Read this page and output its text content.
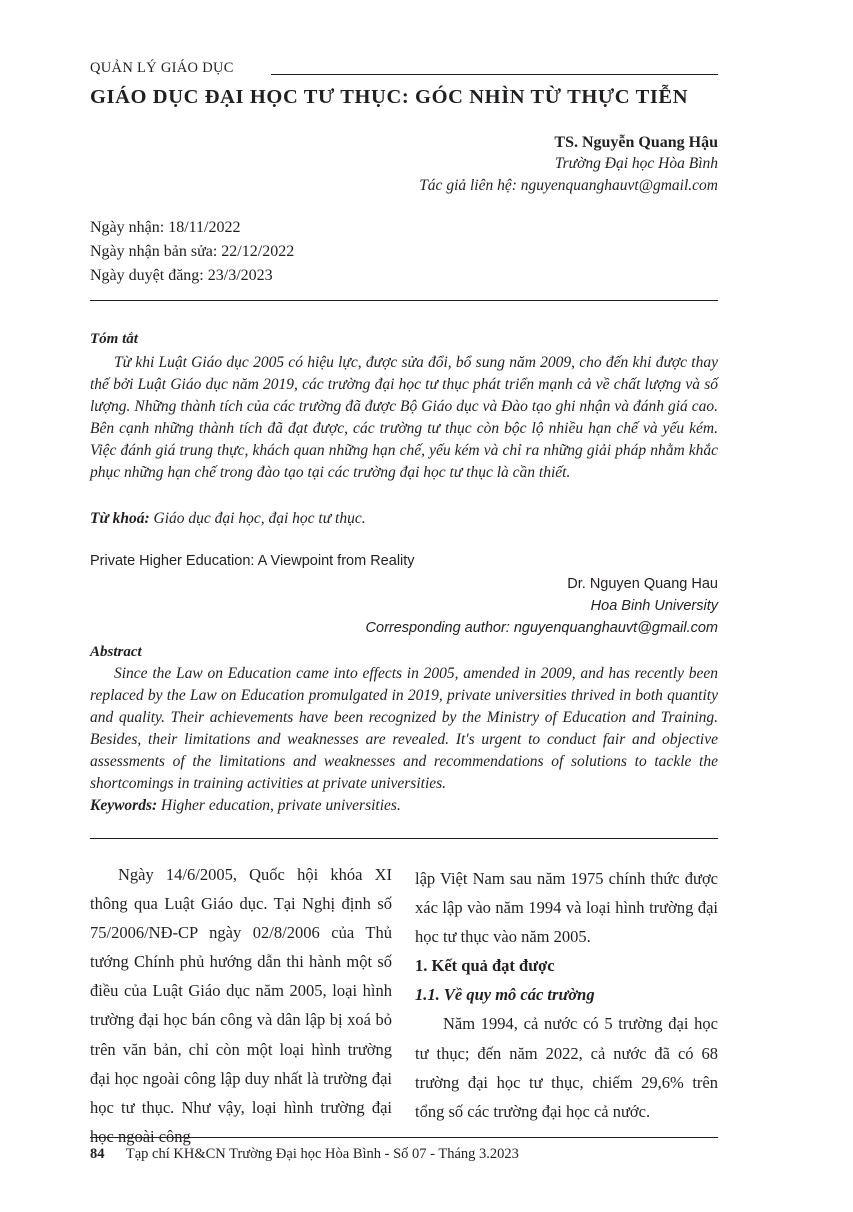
QUẢN LÝ GIÁO DỤC
GIÁO DỤC ĐẠI HỌC TƯ THỤC: GÓC NHÌN TỪ THỰC TIỄN
TS. Nguyễn Quang Hậu
Trường Đại học Hòa Bình
Tác giả liên hệ: nguyenquanghauvt@gmail.com
Ngày nhận: 18/11/2022
Ngày nhận bản sửa: 22/12/2022
Ngày duyệt đăng: 23/3/2023
Tóm tắt
Từ khi Luật Giáo dục 2005 có hiệu lực, được sửa đổi, bổ sung năm 2009, cho đến khi được thay thế bởi Luật Giáo dục năm 2019, các trường đại học tư thục phát triển mạnh cả về chất lượng và số lượng. Những thành tích của các trường đã được Bộ Giáo dục và Đào tạo ghi nhận và đánh giá cao. Bên cạnh những thành tích đã đạt được, các trường tư thục còn bộc lộ nhiều hạn chế và yếu kém. Việc đánh giá trung thực, khách quan những hạn chế, yếu kém và chỉ ra những giải pháp nhằm khắc phục những hạn chế trong đào tạo tại các trường đại học tư thục là cần thiết.
Từ khoá: Giáo dục đại học, đại học tư thục.
Private Higher Education: A Viewpoint from Reality
Dr. Nguyen Quang Hau
Hoa Binh University
Corresponding author: nguyenquanghauvt@gmail.com
Abstract
Since the Law on Education came into effects in 2005, amended in 2009, and has recently been replaced by the Law on Education promulgated in 2019, private universities thrived in both quantity and quality. Their achievements have been recognized by the Ministry of Education and Training. Besides, their limitations and weaknesses are revealed. It's urgent to conduct fair and objective assessments of the limitations and weaknesses and recommendations of solutions to tackle the shortcomings in training activities at private universities.
Keywords: Higher education, private universities.

Ngày 14/6/2005, Quốc hội khóa XI thông qua Luật Giáo dục. Tại Nghị định số 75/2006/NĐ-CP ngày 02/8/2006 của Thủ tướng Chính phủ hướng dẫn thi hành một số điều của Luật Giáo dục năm 2005, loại hình trường đại học bán công và dân lập bị xoá bỏ trên văn bản, chỉ còn một loại hình trường đại học ngoài công lập duy nhất là trường đại học tư thục. Như vậy, loại hình trường đại học ngoài công

lập Việt Nam sau năm 1975 chính thức được xác lập vào năm 1994 và loại hình trường đại học tư thục vào năm 2005.

1. Kết quả đạt được

1.1. Về quy mô các trường

Năm 1994, cả nước có 5 trường đại học tư thục; đến năm 2022, cả nước đã có 68 trường đại học tư thục, chiếm 29,6% trên tổng số các trường đại học cả nước.

84 Tạp chí KH&CN Trường Đại học Hòa Bình - Số 07 - Tháng 3.2023
